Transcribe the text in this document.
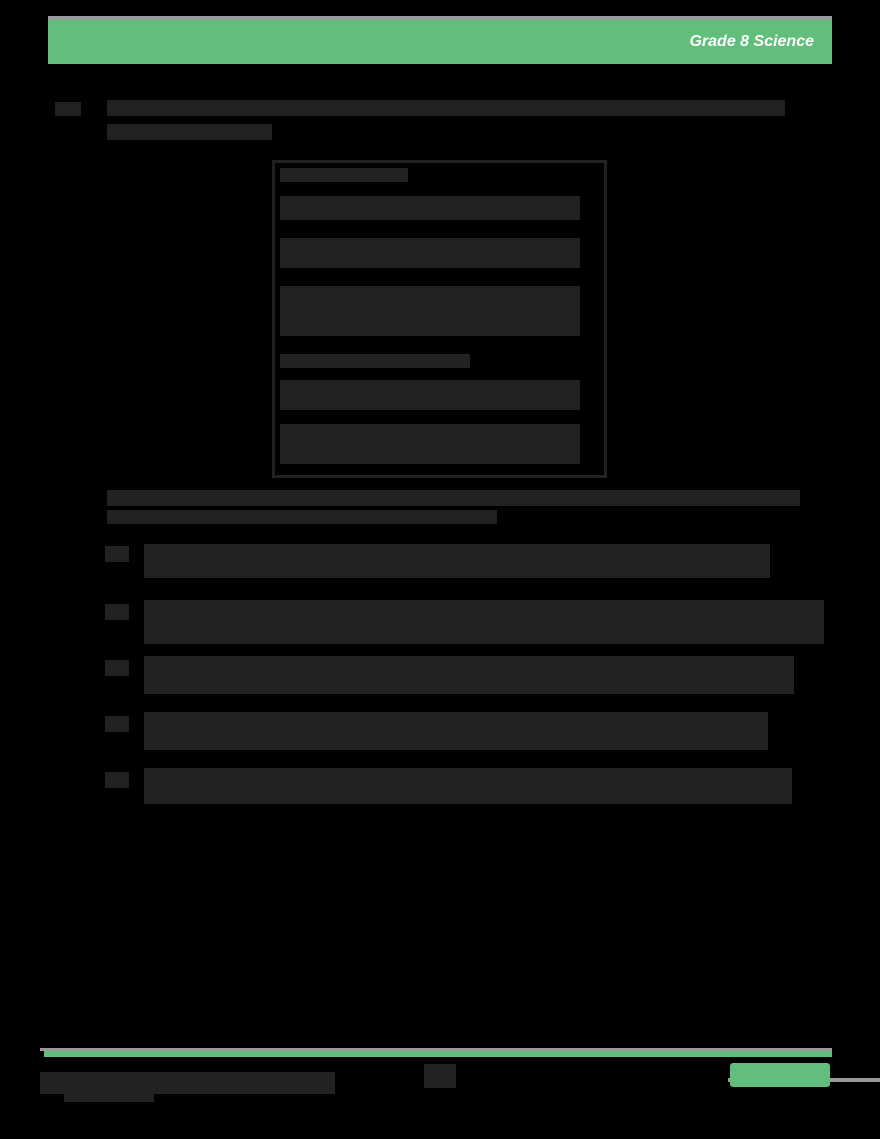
Grade 8 Science
